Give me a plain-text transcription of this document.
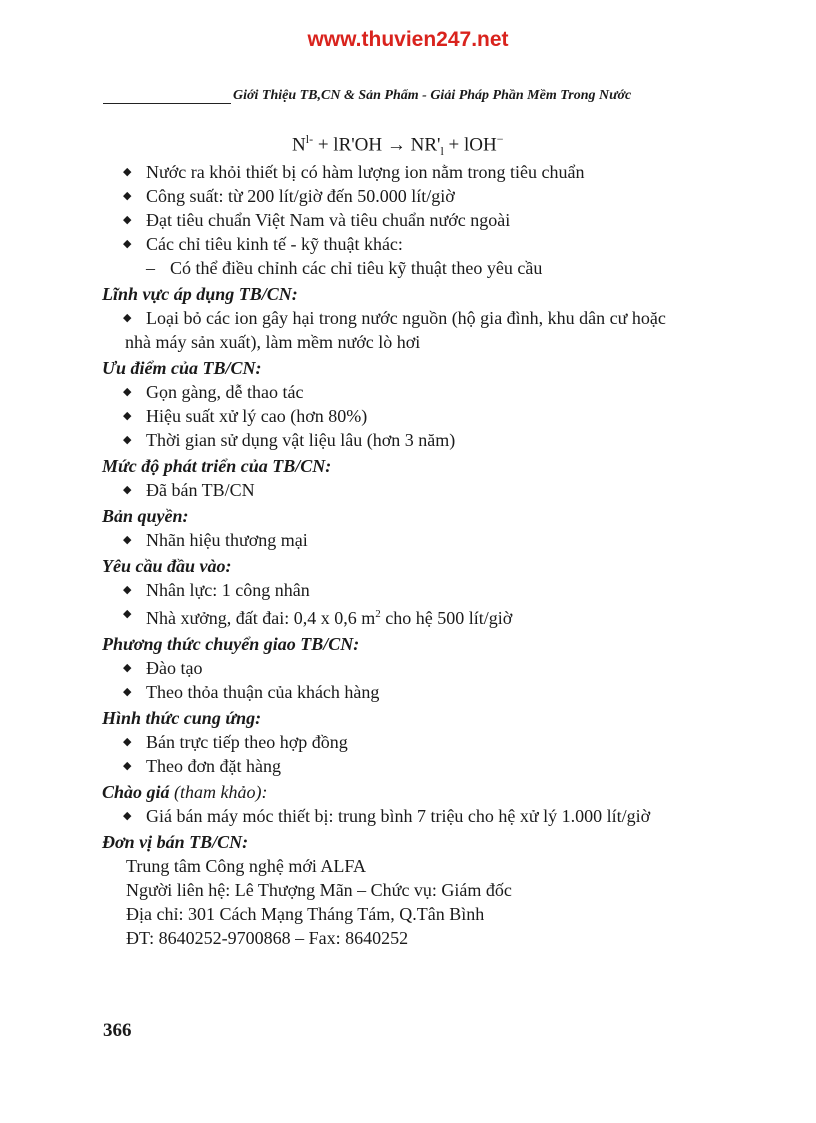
www.thuvien247.net
Giới Thiệu TB,CN & Sản Phẩm - Giải Pháp Phần Mềm Trong Nước
$N^{l-} + lR'OH \to NR'_l + lOH^-$
◆ Nước ra khỏi thiết bị có hàm lượng ion nằm trong tiêu chuẩn
◆ Công suất: từ 200 lít/giờ đến 50.000 lít/giờ
◆ Đạt tiêu chuẩn Việt Nam và tiêu chuẩn nước ngoài
◆ Các chỉ tiêu kinh tế - kỹ thuật khác:
– Có thể điều chỉnh các chỉ tiêu kỹ thuật theo yêu cầu
Lĩnh vực áp dụng TB/CN:
◆ Loại bỏ các ion gây hại trong nước nguồn (hộ gia đình, khu dân cư hoặc
nhà máy sản xuất), làm mềm nước lò hơi
Ưu điểm của TB/CN:
◆ Gọn gàng, dễ thao tác
◆ Hiệu suất xử lý cao (hơn 80%)
◆ Thời gian sử dụng vật liệu lâu (hơn 3 năm)
Mức độ phát triển của TB/CN:
◆ Đã bán TB/CN
Bản quyền:
◆ Nhãn hiệu thương mại
Yêu cầu đầu vào:
◆ Nhân lực: 1 công nhân
◆ Nhà xưởng, đất đai: 0,4 x 0,6 $m^2$ cho hệ 500 lít/giờ
Phương thức chuyển giao TB/CN:
◆ Đào tạo
◆ Theo thỏa thuận của khách hàng
Hình thức cung ứng:
◆ Bán trực tiếp theo hợp đồng
◆ Theo đơn đặt hàng
Chào giá (tham khảo):
◆ Giá bán máy móc thiết bị: trung bình 7 triệu cho hệ xử lý 1.000 lít/giờ
Đơn vị bán TB/CN:
Trung tâm Công nghệ mới ALFA
Người liên hệ: Lê Thượng Mãn – Chức vụ: Giám đốc
Địa chỉ: 301 Cách Mạng Tháng Tám, Q.Tân Bình
ĐT: 8640252-9700868 – Fax: 8640252
366
